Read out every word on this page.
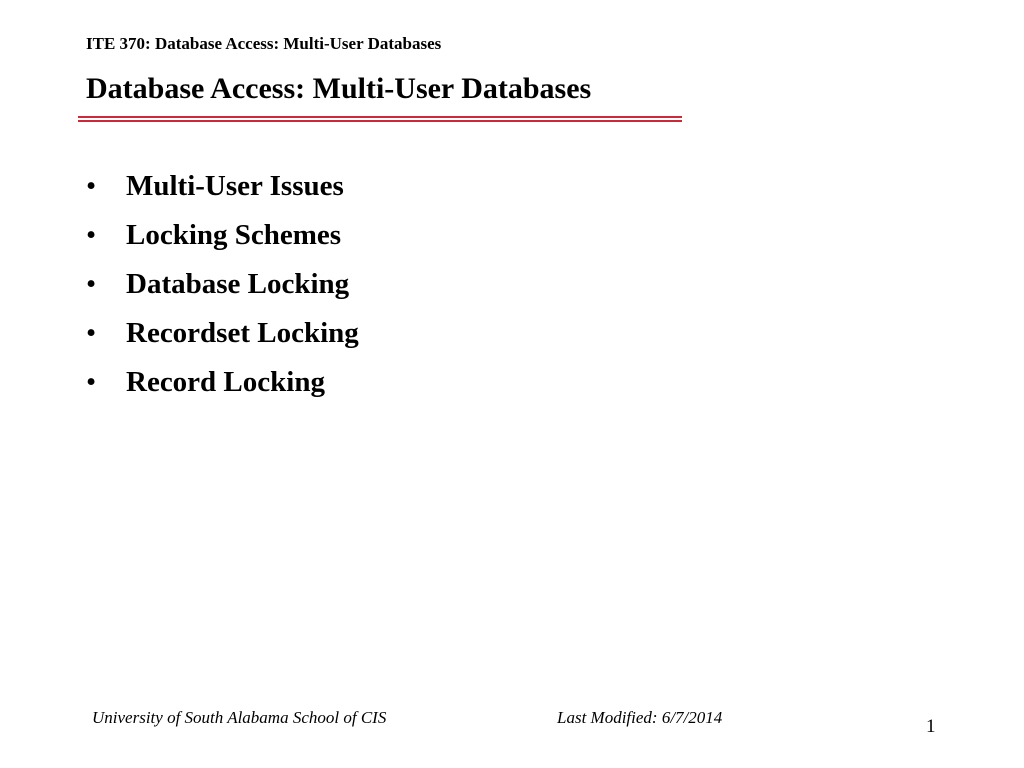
ITE 370: Database Access: Multi-User Databases
Database Access: Multi-User Databases
• Multi-User Issues
• Locking Schemes
• Database Locking
• Recordset Locking
• Record Locking
University of South Alabama School of CIS	Last Modified: 6/7/2014	1
